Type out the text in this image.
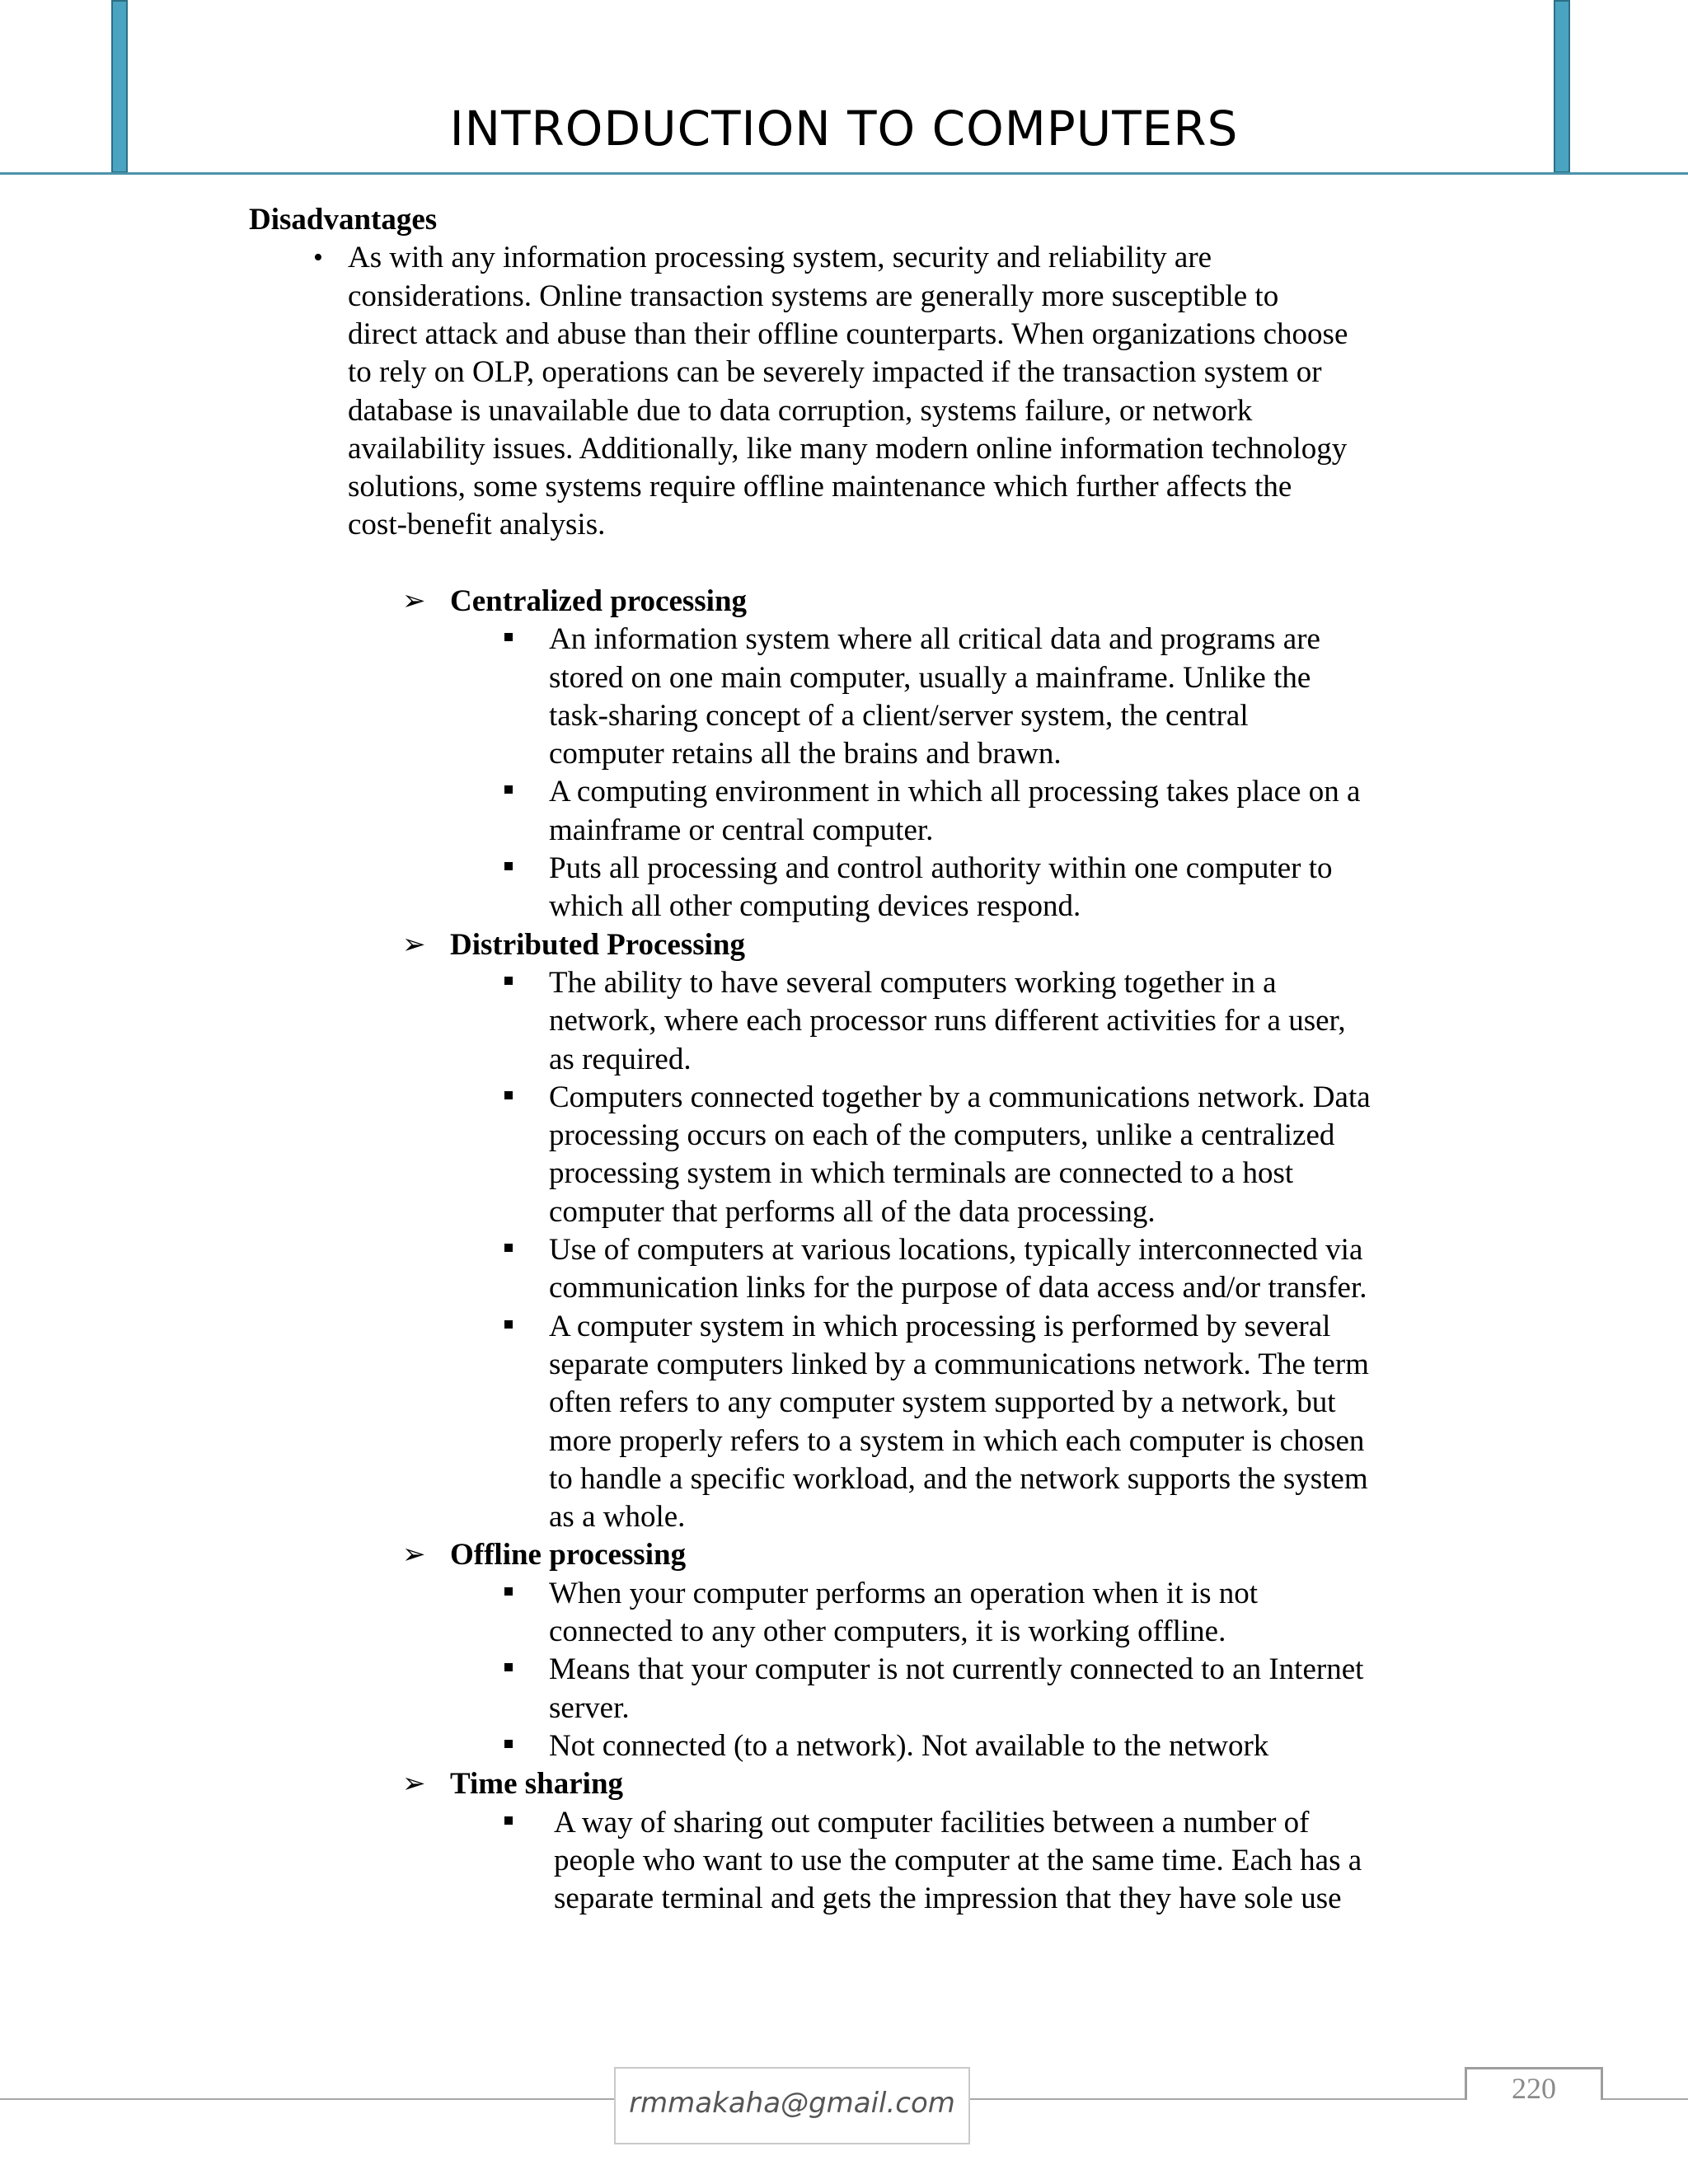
INTRODUCTION TO COMPUTERS
Disadvantages
• As with any information processing system, security and reliability are
considerations. Online transaction systems are generally more susceptible to
direct attack and abuse than their offline counterparts. When organizations choose
to rely on OLP, operations can be severely impacted if the transaction system or
database is unavailable due to data corruption, systems failure, or network
availability issues. Additionally, like many modern online information technology
solutions, some systems require offline maintenance which further affects the
cost-benefit analysis.
➢ Centralized processing
An information system where all critical data and programs are
stored on one main computer, usually a mainframe. Unlike the
task-sharing concept of a client/server system, the central
computer retains all the brains and brawn.
A computing environment in which all processing takes place on a
mainframe or central computer.
Puts all processing and control authority within one computer to
which all other computing devices respond.
➢ Distributed Processing
The ability to have several computers working together in a
network, where each processor runs different activities for a user,
as required.
Computers connected together by a communications network. Data
processing occurs on each of the computers, unlike a centralized
processing system in which terminals are connected to a host
computer that performs all of the data processing.
Use of computers at various locations, typically interconnected via
communication links for the purpose of data access and/or transfer.
A computer system in which processing is performed by several
separate computers linked by a communications network. The term
often refers to any computer system supported by a network, but
more properly refers to a system in which each computer is chosen
to handle a specific workload, and the network supports the system
as a whole.
➢ Offline processing
When your computer performs an operation when it is not
connected to any other computers, it is working offline.
Means that your computer is not currently connected to an Internet
server.
Not connected (to a network). Not available to the network
➢ Time sharing
A way of sharing out computer facilities between a number of
people who want to use the computer at the same time. Each has a
separate terminal and gets the impression that they have sole use
rmmakaha@gmail.com	220
